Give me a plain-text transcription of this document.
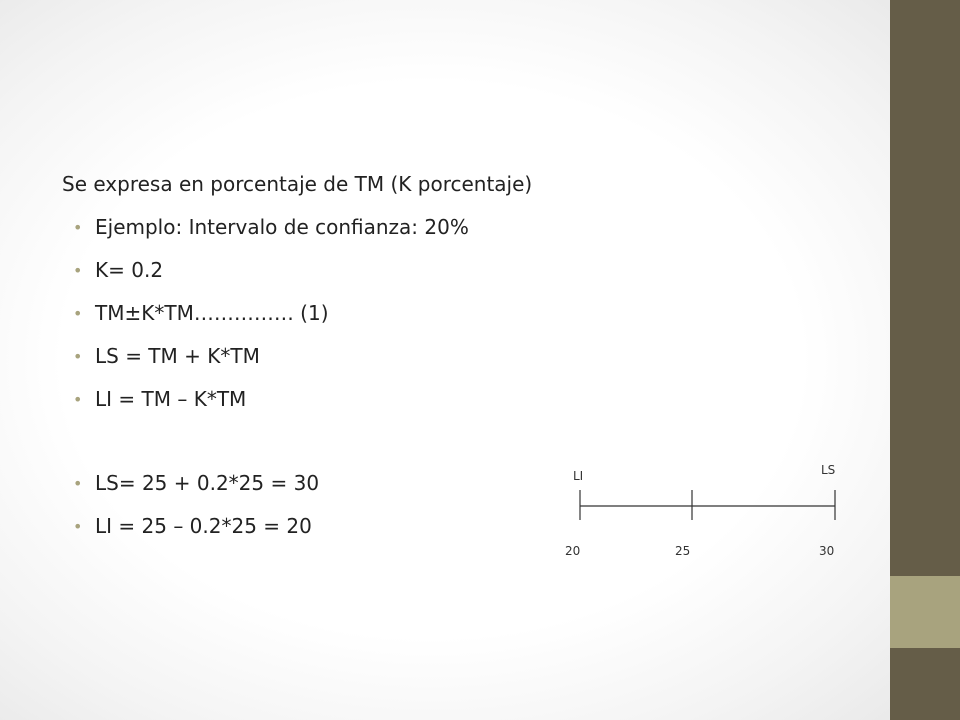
Se expresa en porcentaje de TM (K porcentaje)

• Ejemplo: Intervalo de confianza: 20%
• K= 0.2
• TM±K*TM…………… (1)
• LS = TM + K*TM
• LI = TM – K*TM
• LS= 25 + 0.2*25 = 30
• LI = 25 – 0.2*25 = 20
LI	LS
20	25	30
